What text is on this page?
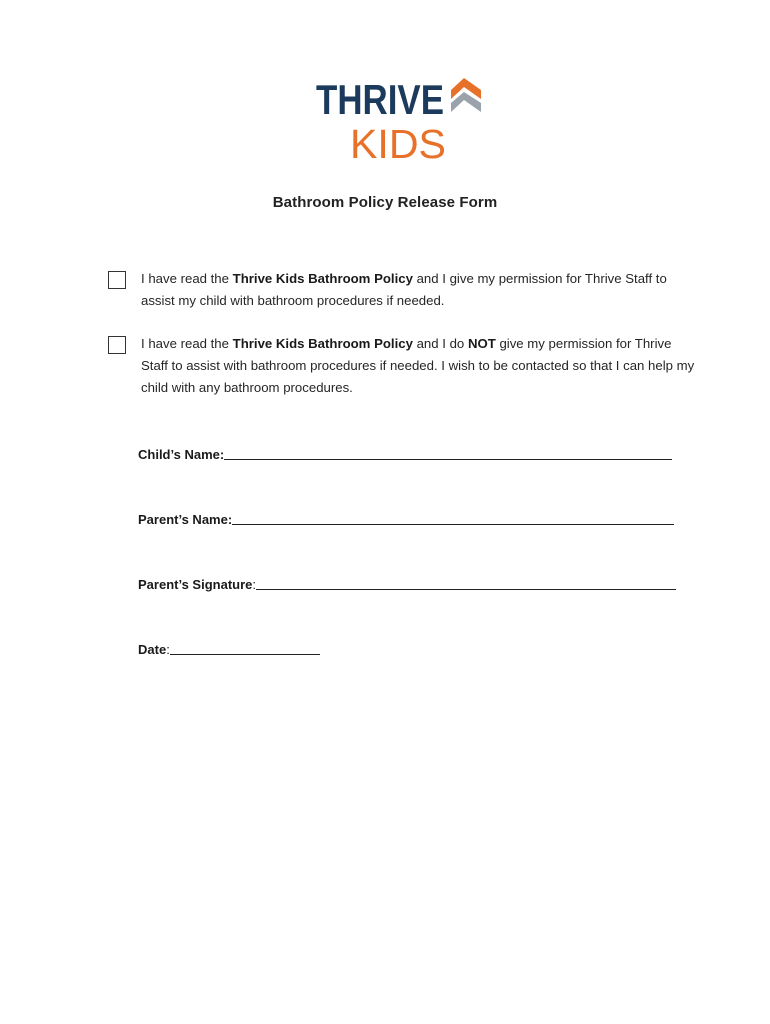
THRIVE
KIDS
Bathroom Policy Release Form
I have read the Thrive Kids Bathroom Policy and I give my permission for Thrive Staff to assist my child with bathroom procedures if needed.
I have read the Thrive Kids Bathroom Policy and I do NOT give my permission for Thrive Staff to assist with bathroom procedures if needed. I wish to be contacted so that I can help my child with any bathroom procedures.
Child’s Name:
Parent’s Name:
Parent’s Signature:
Date:
